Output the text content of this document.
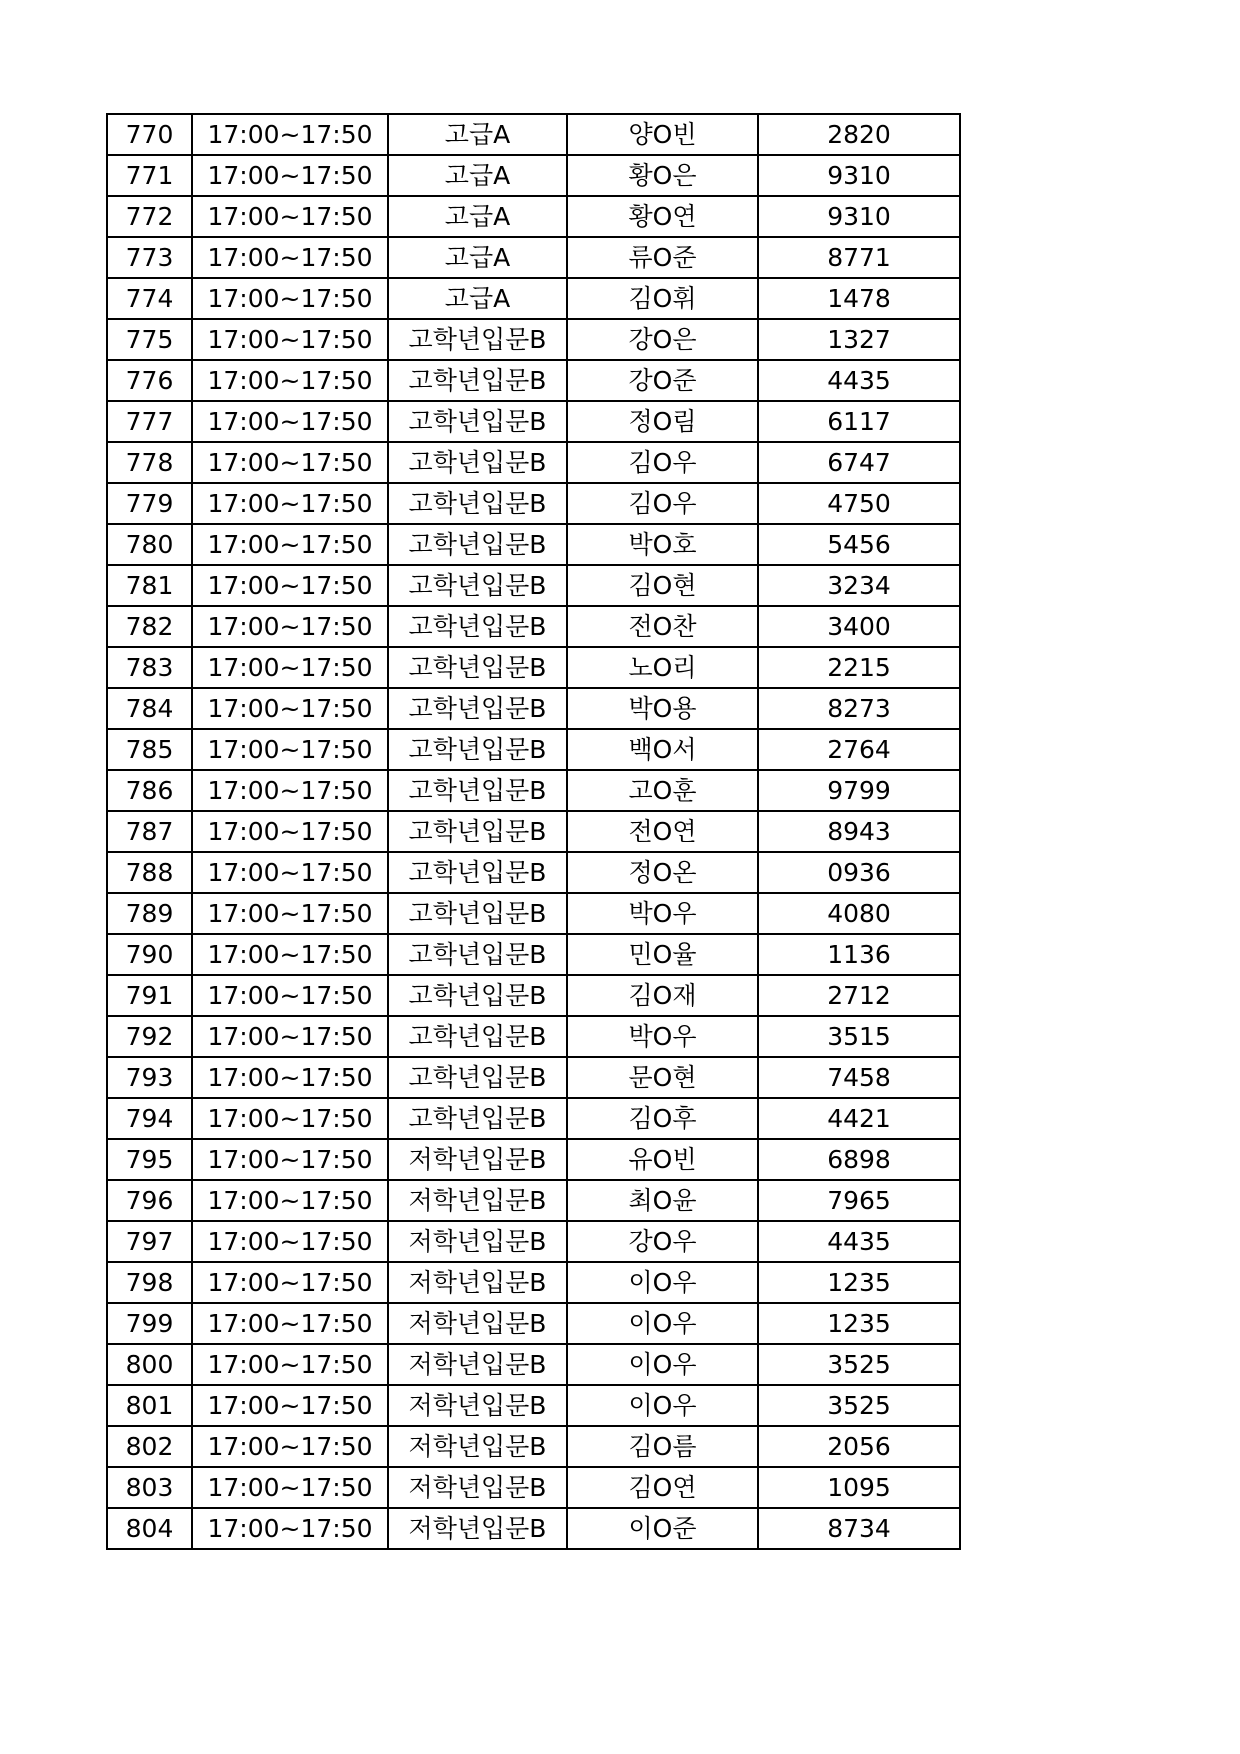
770	17:00~17:50	고급A	양O빈	2820
771	17:00~17:50	고급A	황O은	9310
772	17:00~17:50	고급A	황O연	9310
773	17:00~17:50	고급A	류O준	8771
774	17:00~17:50	고급A	김O휘	1478
775	17:00~17:50	고학년입문B	강O은	1327
776	17:00~17:50	고학년입문B	강O준	4435
777	17:00~17:50	고학년입문B	정O림	6117
778	17:00~17:50	고학년입문B	김O우	6747
779	17:00~17:50	고학년입문B	김O우	4750
780	17:00~17:50	고학년입문B	박O호	5456
781	17:00~17:50	고학년입문B	김O현	3234
782	17:00~17:50	고학년입문B	전O찬	3400
783	17:00~17:50	고학년입문B	노O리	2215
784	17:00~17:50	고학년입문B	박O용	8273
785	17:00~17:50	고학년입문B	백O서	2764
786	17:00~17:50	고학년입문B	고O훈	9799
787	17:00~17:50	고학년입문B	전O연	8943
788	17:00~17:50	고학년입문B	정O온	0936
789	17:00~17:50	고학년입문B	박O우	4080
790	17:00~17:50	고학년입문B	민O율	1136
791	17:00~17:50	고학년입문B	김O재	2712
792	17:00~17:50	고학년입문B	박O우	3515
793	17:00~17:50	고학년입문B	문O현	7458
794	17:00~17:50	고학년입문B	김O후	4421
795	17:00~17:50	저학년입문B	유O빈	6898
796	17:00~17:50	저학년입문B	최O윤	7965
797	17:00~17:50	저학년입문B	강O우	4435
798	17:00~17:50	저학년입문B	이O우	1235
799	17:00~17:50	저학년입문B	이O우	1235
800	17:00~17:50	저학년입문B	이O우	3525
801	17:00~17:50	저학년입문B	이O우	3525
802	17:00~17:50	저학년입문B	김O름	2056
803	17:00~17:50	저학년입문B	김O연	1095
804	17:00~17:50	저학년입문B	이O준	8734
